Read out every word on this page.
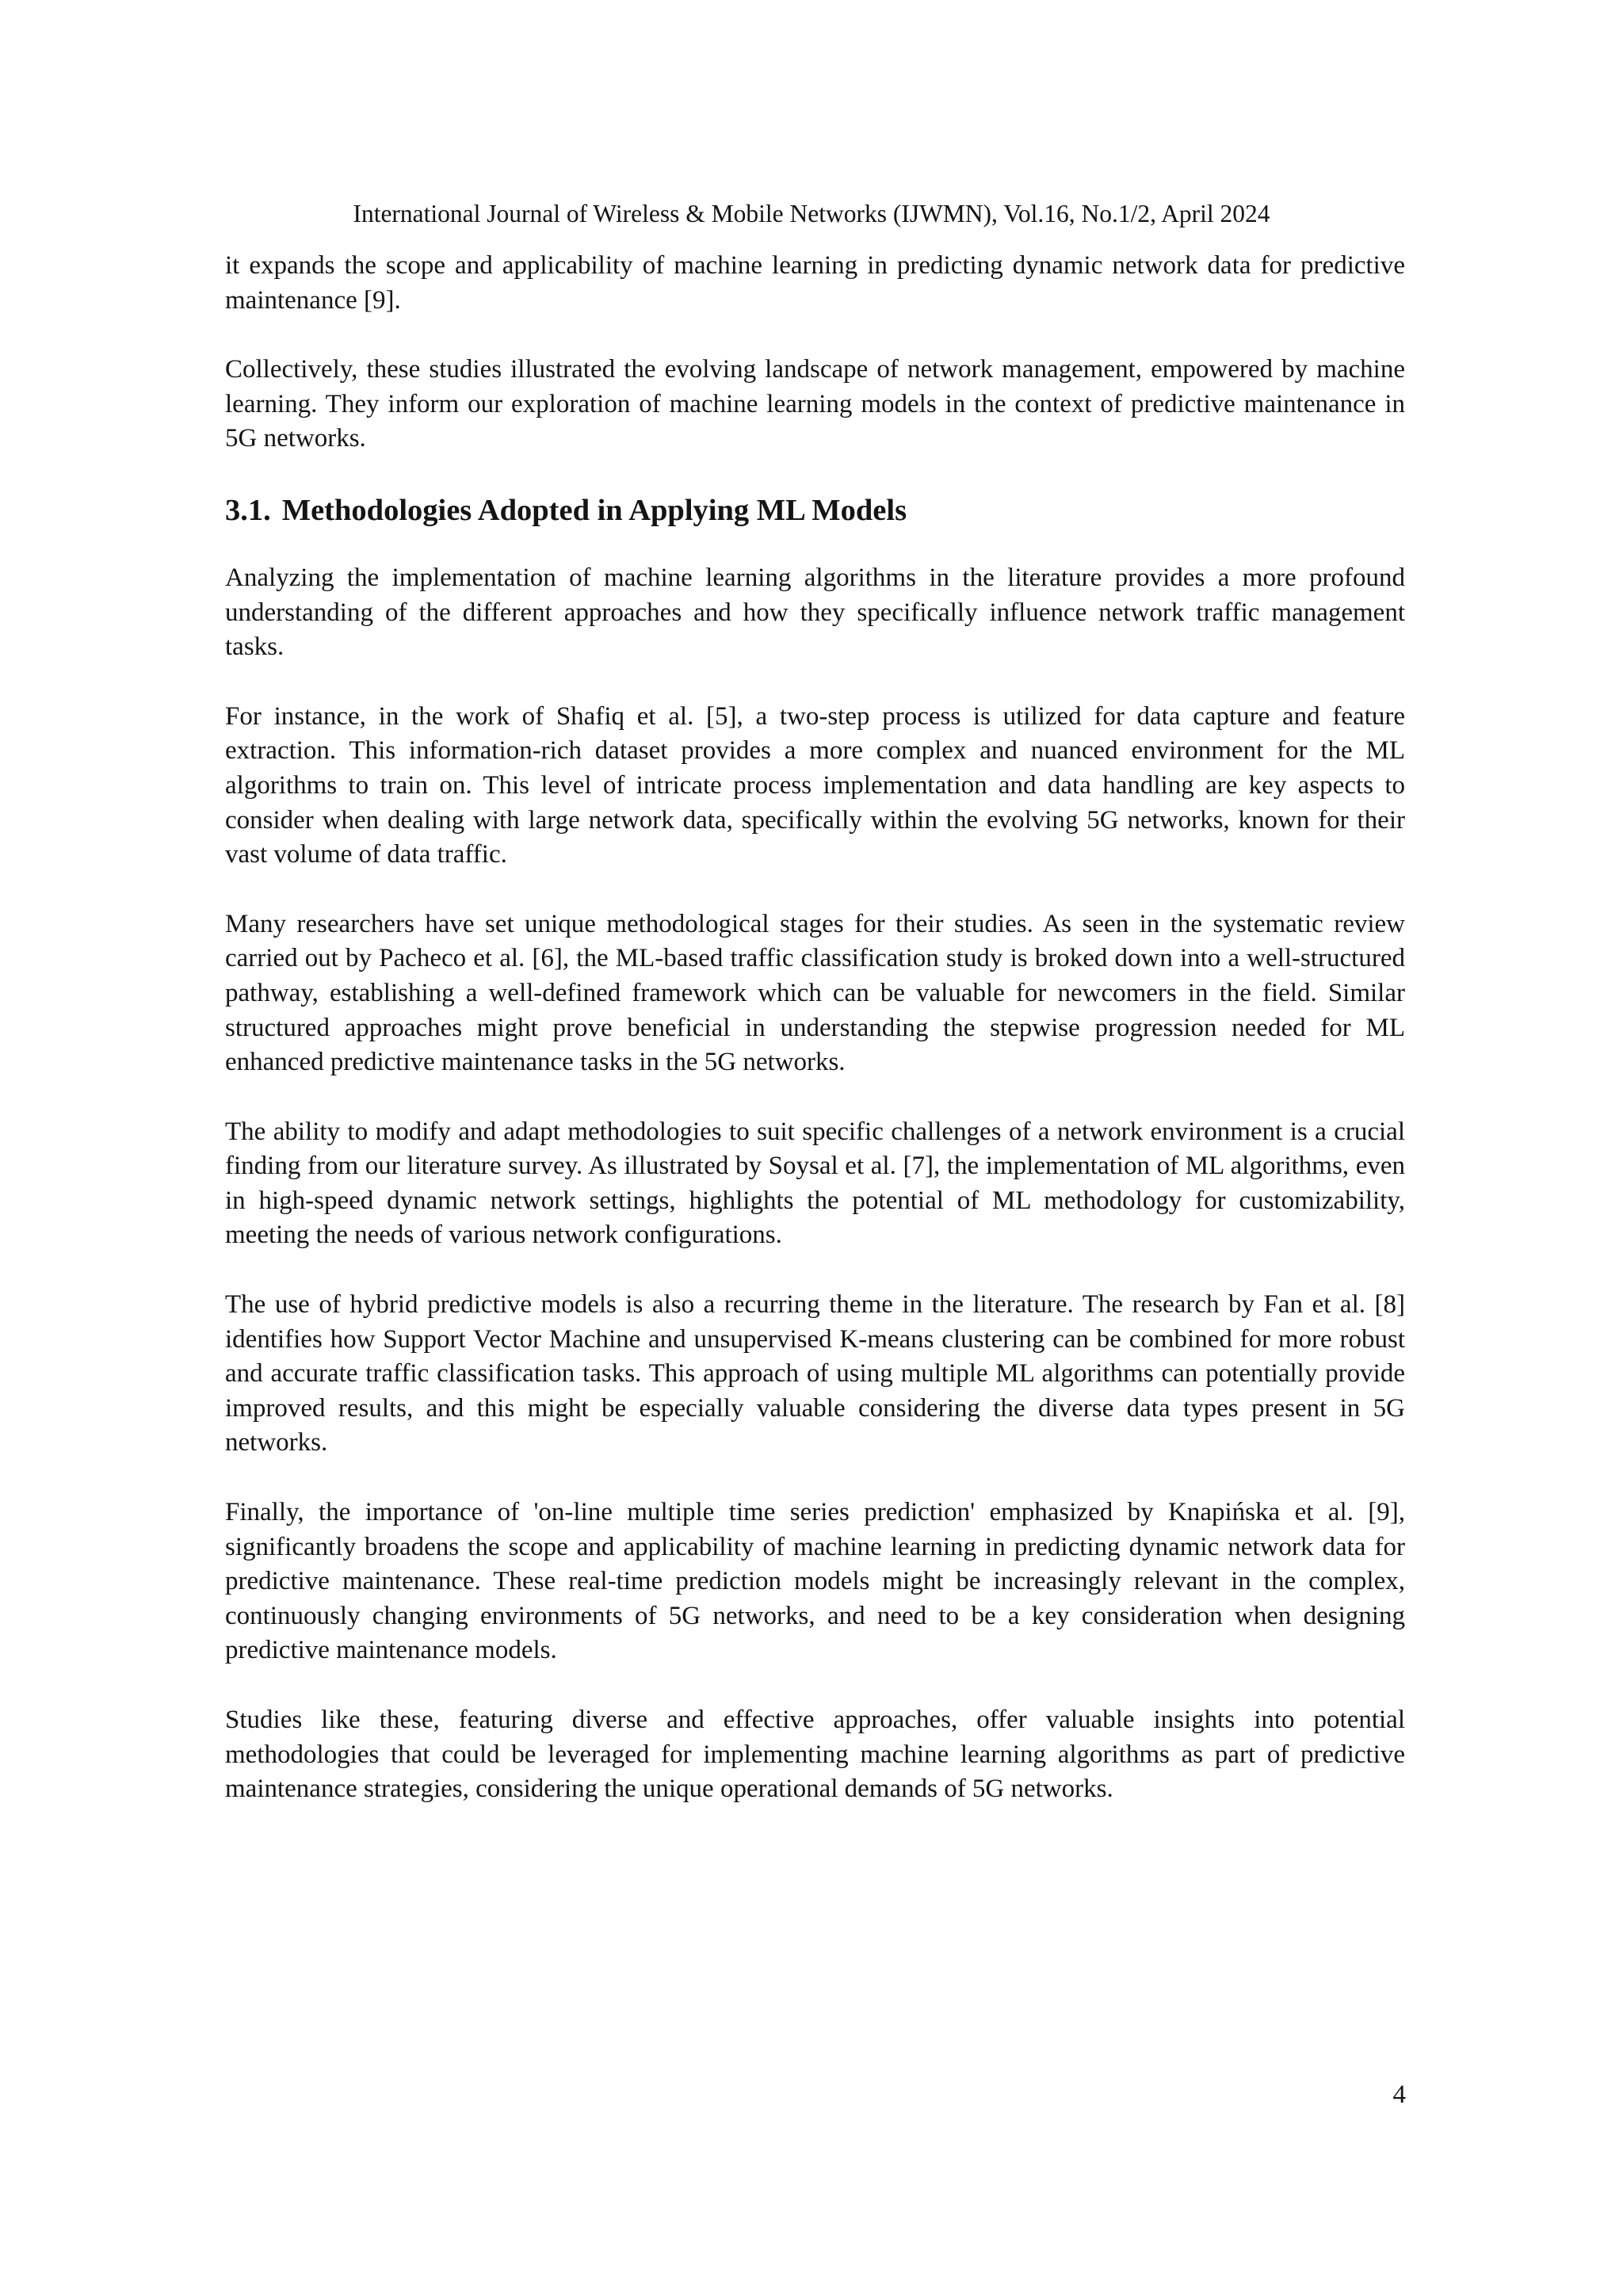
International Journal of Wireless & Mobile Networks (IJWMN), Vol.16, No.1/2, April 2024

it expands the scope and applicability of machine learning in predicting dynamic network data for predictive maintenance [9].

Collectively, these studies illustrated the evolving landscape of network management, empowered by machine learning. They inform our exploration of machine learning models in the context of predictive maintenance in 5G networks.

3.1. Methodologies Adopted in Applying ML Models

Analyzing the implementation of machine learning algorithms in the literature provides a more profound understanding of the different approaches and how they specifically influence network traffic management tasks.

For instance, in the work of Shafiq et al. [5], a two-step process is utilized for data capture and feature extraction. This information-rich dataset provides a more complex and nuanced environment for the ML algorithms to train on. This level of intricate process implementation and data handling are key aspects to consider when dealing with large network data, specifically within the evolving 5G networks, known for their vast volume of data traffic.

Many researchers have set unique methodological stages for their studies. As seen in the systematic review carried out by Pacheco et al. [6], the ML-based traffic classification study is broked down into a well-structured pathway, establishing a well-defined framework which can be valuable for newcomers in the field. Similar structured approaches might prove beneficial in understanding the stepwise progression needed for ML enhanced predictive maintenance tasks in the 5G networks.

The ability to modify and adapt methodologies to suit specific challenges of a network environment is a crucial finding from our literature survey. As illustrated by Soysal et al. [7], the implementation of ML algorithms, even in high-speed dynamic network settings, highlights the potential of ML methodology for customizability, meeting the needs of various network configurations.

The use of hybrid predictive models is also a recurring theme in the literature. The research by Fan et al. [8] identifies how Support Vector Machine and unsupervised K-means clustering can be combined for more robust and accurate traffic classification tasks. This approach of using multiple ML algorithms can potentially provide improved results, and this might be especially valuable considering the diverse data types present in 5G networks.

Finally, the importance of 'on-line multiple time series prediction' emphasized by Knapińska et al. [9], significantly broadens the scope and applicability of machine learning in predicting dynamic network data for predictive maintenance. These real-time prediction models might be increasingly relevant in the complex, continuously changing environments of 5G networks, and need to be a key consideration when designing predictive maintenance models.

Studies like these, featuring diverse and effective approaches, offer valuable insights into potential methodologies that could be leveraged for implementing machine learning algorithms as part of predictive maintenance strategies, considering the unique operational demands of 5G networks.

4
